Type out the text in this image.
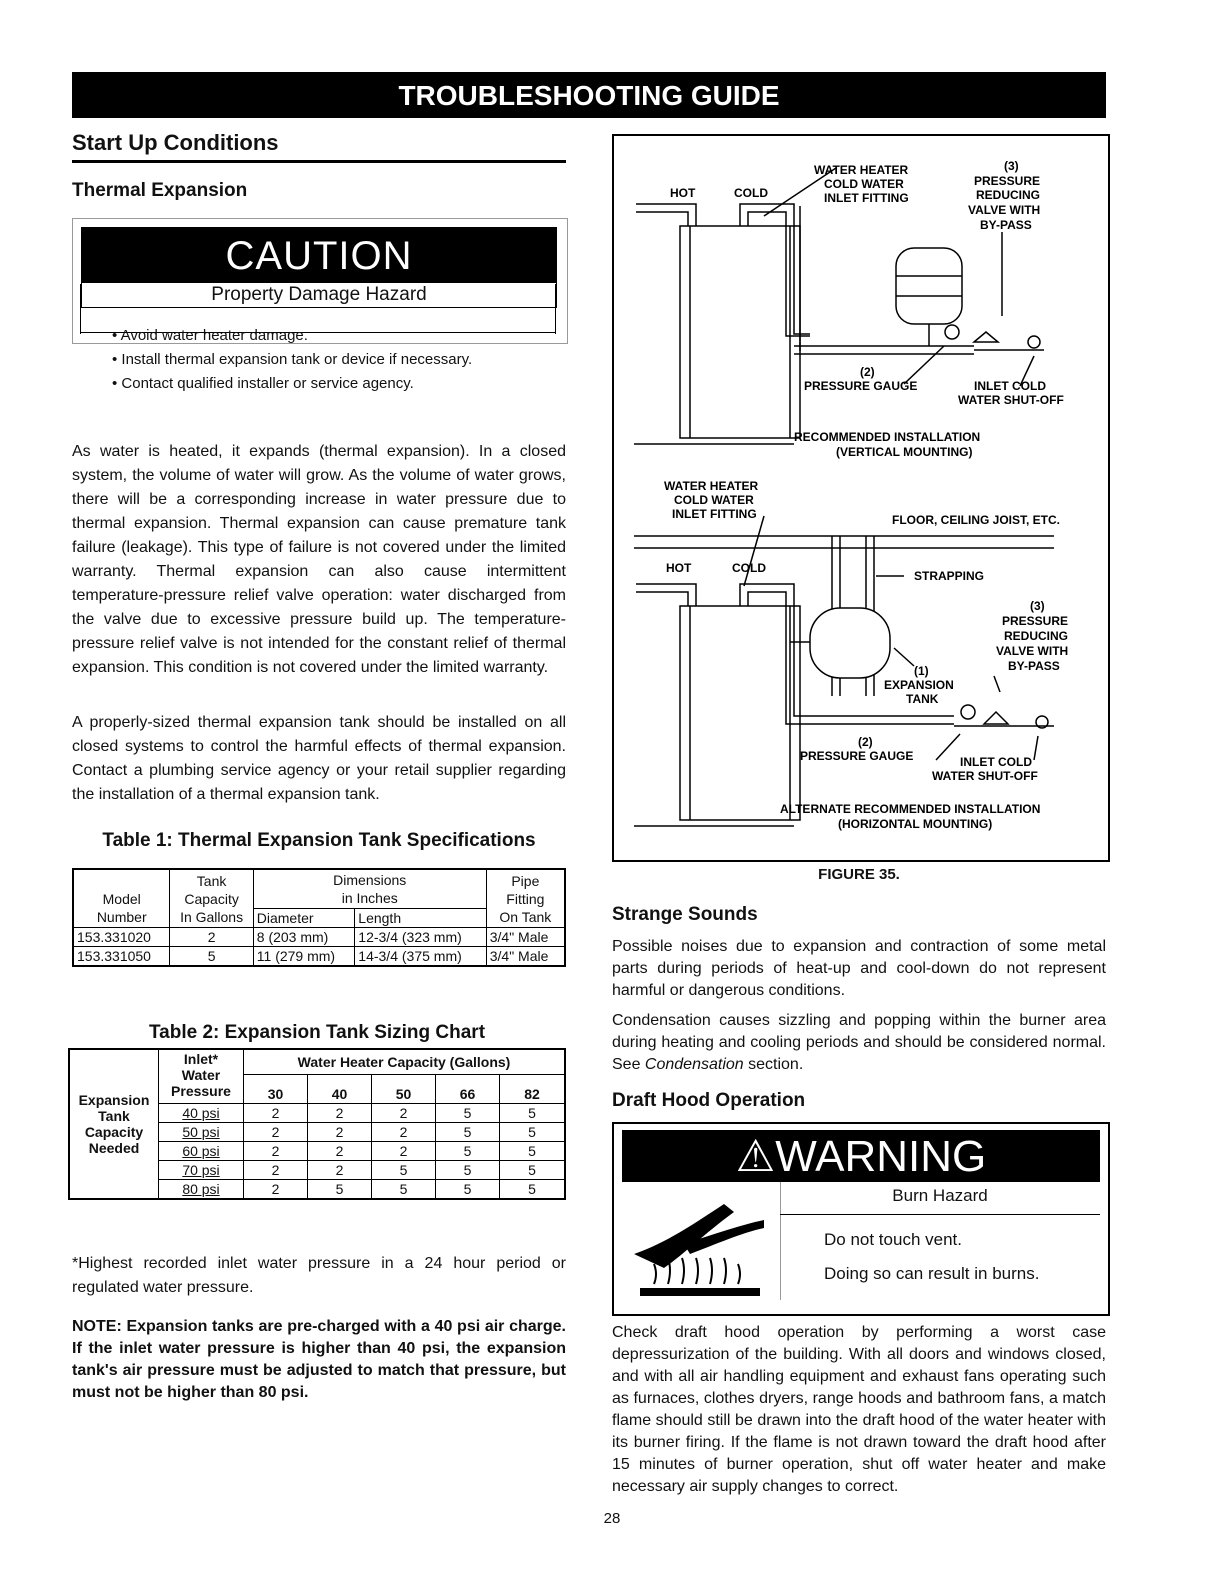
TROUBLESHOOTING GUIDE
Start Up Conditions
Thermal Expansion
CAUTION
Property Damage Hazard
• Avoid water heater damage.
• Install thermal expansion tank or device if necessary.
• Contact qualified installer or service agency.
As water is heated, it expands (thermal expansion). In a closed system, the volume of water will grow. As the volume of water grows, there will be a corresponding increase in water pressure due to thermal expansion. Thermal expansion can cause premature tank failure (leakage). This type of failure is not covered under the limited warranty. Thermal expansion can also cause intermittent temperature-pressure relief valve operation: water discharged from the valve due to excessive pressure build up. The temperature-pressure relief valve is not intended for the constant relief of thermal expansion. This condition is not covered under the limited warranty.
A properly-sized thermal expansion tank should be installed on all closed systems to control the harmful effects of thermal expansion. Contact a plumbing service agency or your retail supplier regarding the installation of a thermal expansion tank.
Table 1: Thermal Expansion Tank Specifications

Model
Number	Tank
Capacity
In Gallons	Dimensions
in Inches		Pipe
Fitting
On Tank
		Diameter	Length	
153.331020	2	8 (203 mm)	12-3/4 (323 mm)	3/4" Male
153.331050	5	11 (279 mm)	14-3/4 (375 mm)	3/4" Male
Table 2: Expansion Tank Sizing Chart
Expansion
Tank
Capacity
Needed	Inlet*
Water
Pressure	Water Heater Capacity (Gallons)				
		30	40	50	66	82
	40 psi	2	2	2	5	5
	50 psi	2	2	2	5	5
	60 psi	2	2	2	5	5
	70 psi	2	2	5	5	5
	80 psi	2	5	5	5	5
*Highest recorded inlet water pressure in a 24 hour period or regulated water pressure.
NOTE: Expansion tanks are pre-charged with a 40 psi air charge. If the inlet water pressure is higher than 40 psi, the expansion tank's air pressure must be adjusted to match that pressure, but must not be higher than 80 psi.
HOT	COLD
WATER HEATER
COLD WATER
INLET FITTING
(3)
PRESSURE
REDUCING
VALVE WITH
BY-PASS
(2)
PRESSURE GAUGE	INLET COLD
WATER SHUT-OFF
RECOMMENDED INSTALLATION
(VERTICAL MOUNTING)
WATER HEATER
COLD WATER
INLET FITTING	FLOOR, CEILING JOIST, ETC.
HOT	COLD
STRAPPING
(3)
PRESSURE
REDUCING
VALVE WITH
BY-PASS
(1)
EXPANSION
TANK
(2)
PRESSURE GAUGE	INLET COLD
WATER SHUT-OFF
ALTERNATE RECOMMENDED INSTALLATION
(HORIZONTAL MOUNTING)
FIGURE 35.
Strange Sounds
Possible noises due to expansion and contraction of some metal parts during periods of heat-up and cool-down do not represent harmful or dangerous conditions.
Condensation causes sizzling and popping within the burner area during heating and cooling periods and should be considered normal. See Condensation section.
Draft Hood Operation
⚠WARNING
Burn Hazard
Do not touch vent.
Doing so can result in burns.
Check draft hood operation by performing a worst case depressurization of the building. With all doors and windows closed, and with all air handling equipment and exhaust fans operating such as furnaces, clothes dryers, range hoods and bathroom fans, a match flame should still be drawn into the draft hood of the water heater with its burner firing. If the flame is not drawn toward the draft hood after 15 minutes of burner operation, shut off water heater and make necessary air supply changes to correct.
28
